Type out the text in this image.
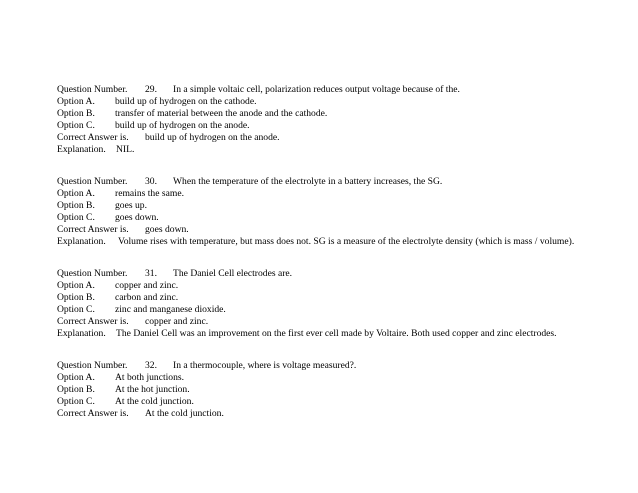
Question Number. 29. In a simple voltaic cell, polarization reduces output voltage because of the.
Option A. build up of hydrogen on the cathode.
Option B. transfer of material between the anode and the cathode.
Option C. build up of hydrogen on the anode.
Correct Answer is. build up of hydrogen on the anode.
Explanation. NIL.
Question Number. 30. When the temperature of the electrolyte in a battery increases, the SG.
Option A. remains the same.
Option B. goes up.
Option C. goes down.
Correct Answer is. goes down.
Explanation. Volume rises with temperature, but mass does not. SG is a measure of the electrolyte density (which is mass / volume).
Question Number. 31. The Daniel Cell electrodes are.
Option A. copper and zinc.
Option B. carbon and zinc.
Option C. zinc and manganese dioxide.
Correct Answer is. copper and zinc.
Explanation. The Daniel Cell was an improvement on the first ever cell made by Voltaire. Both used copper and zinc electrodes.
Question Number. 32. In a thermocouple, where is voltage measured?.
Option A. At both junctions.
Option B. At the hot junction.
Option C. At the cold junction.
Correct Answer is. At the cold junction.
